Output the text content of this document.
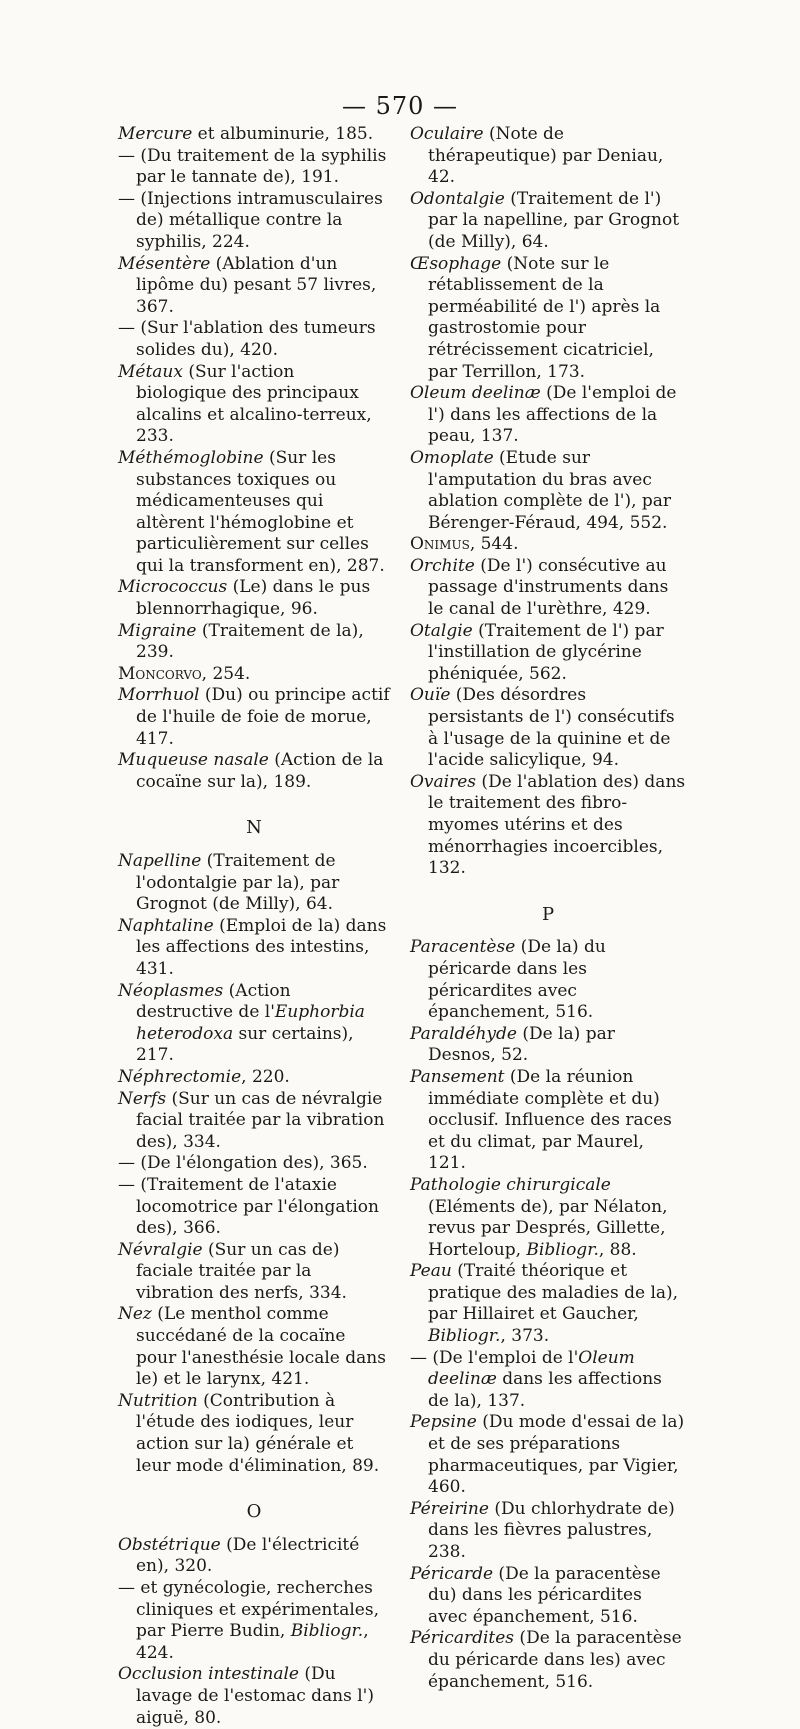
— 570 —

Mercure et albuminurie, 185.

— (Du traitement de la syphilis par le tannate de), 191.

— (Injections intramusculaires de) métallique contre la syphilis, 224.

Mésentère (Ablation d'un lipôme du) pesant 57 livres, 367.

— (Sur l'ablation des tumeurs solides du), 420.

Métaux (Sur l'action biologique des principaux alcalins et alcalino-terreux, 233.

Méthémoglobine (Sur les substances toxiques ou médicamenteuses qui altèrent l'hémoglobine et particulièrement sur celles qui la transforment en), 287.

Micrococcus (Le) dans le pus blennorrhagique, 96.

Migraine (Traitement de la), 239.

Moncorvo, 254.

Morrhuol (Du) ou principe actif de l'huile de foie de morue, 417.

Muqueuse nasale (Action de la cocaïne sur la), 189.

N

Napelline (Traitement de l'odontalgie par la), par Grognot (de Milly), 64.

Naphtaline (Emploi de la) dans les affections des intestins, 431.

Néoplasmes (Action destructive de l'Euphorbia heterodoxa sur certains), 217.

Néphrectomie, 220.

Nerfs (Sur un cas de névralgie facial traitée par la vibration des), 334.

— (De l'élongation des), 365.

— (Traitement de l'ataxie locomotrice par l'élongation des), 366.

Névralgie (Sur un cas de) faciale traitée par la vibration des nerfs, 334.

Nez (Le menthol comme succédané de la cocaïne pour l'anesthésie locale dans le) et le larynx, 421.

Nutrition (Contribution à l'étude des iodiques, leur action sur la) générale et leur mode d'élimination, 89.

O

Obstétrique (De l'électricité en), 320.

— et gynécologie, recherches cliniques et expérimentales, par Pierre Budin, Bibliogr., 424.

Occlusion intestinale (Du lavage de l'estomac dans l') aiguë, 80.

Oculaire (Note de thérapeutique) par Deniau, 42.

Odontalgie (Traitement de l') par la napelline, par Grognot (de Milly), 64.

Œsophage (Note sur le rétablissement de la perméabilité de l') après la gastrostomie pour rétrécissement cicatriciel, par Terrillon, 173.

Oleum deelinæ (De l'emploi de l') dans les affections de la peau, 137.

Omoplate (Etude sur l'amputation du bras avec ablation complète de l'), par Bérenger-Féraud, 494, 552.

Onimus, 544.

Orchite (De l') consécutive au passage d'instruments dans le canal de l'urèthre, 429.

Otalgie (Traitement de l') par l'instillation de glycérine phéniquée, 562.

Ouïe (Des désordres persistants de l') consécutifs à l'usage de la quinine et de l'acide salicylique, 94.

Ovaires (De l'ablation des) dans le traitement des fibro-myomes utérins et des ménorrhagies incoercibles, 132.

P

Paracentèse (De la) du péricarde dans les péricardites avec épanchement, 516.

Paraldéhyde (De la) par Desnos, 52.

Pansement (De la réunion immédiate complète et du) occlusif. Influence des races et du climat, par Maurel, 121.

Pathologie chirurgicale (Eléments de), par Nélaton, revus par Després, Gillette, Horteloup, Bibliogr., 88.

Peau (Traité théorique et pratique des maladies de la), par Hillairet et Gaucher, Bibliogr., 373.

— (De l'emploi de l'Oleum deelinæ dans les affections de la), 137.

Pepsine (Du mode d'essai de la) et de ses préparations pharmaceutiques, par Vigier, 460.

Péreirine (Du chlorhydrate de) dans les fièvres palustres, 238.

Péricarde (De la paracentèse du) dans les péricardites avec épanchement, 516.

Péricardites (De la paracentèse du péricarde dans les) avec épanchement, 516.
